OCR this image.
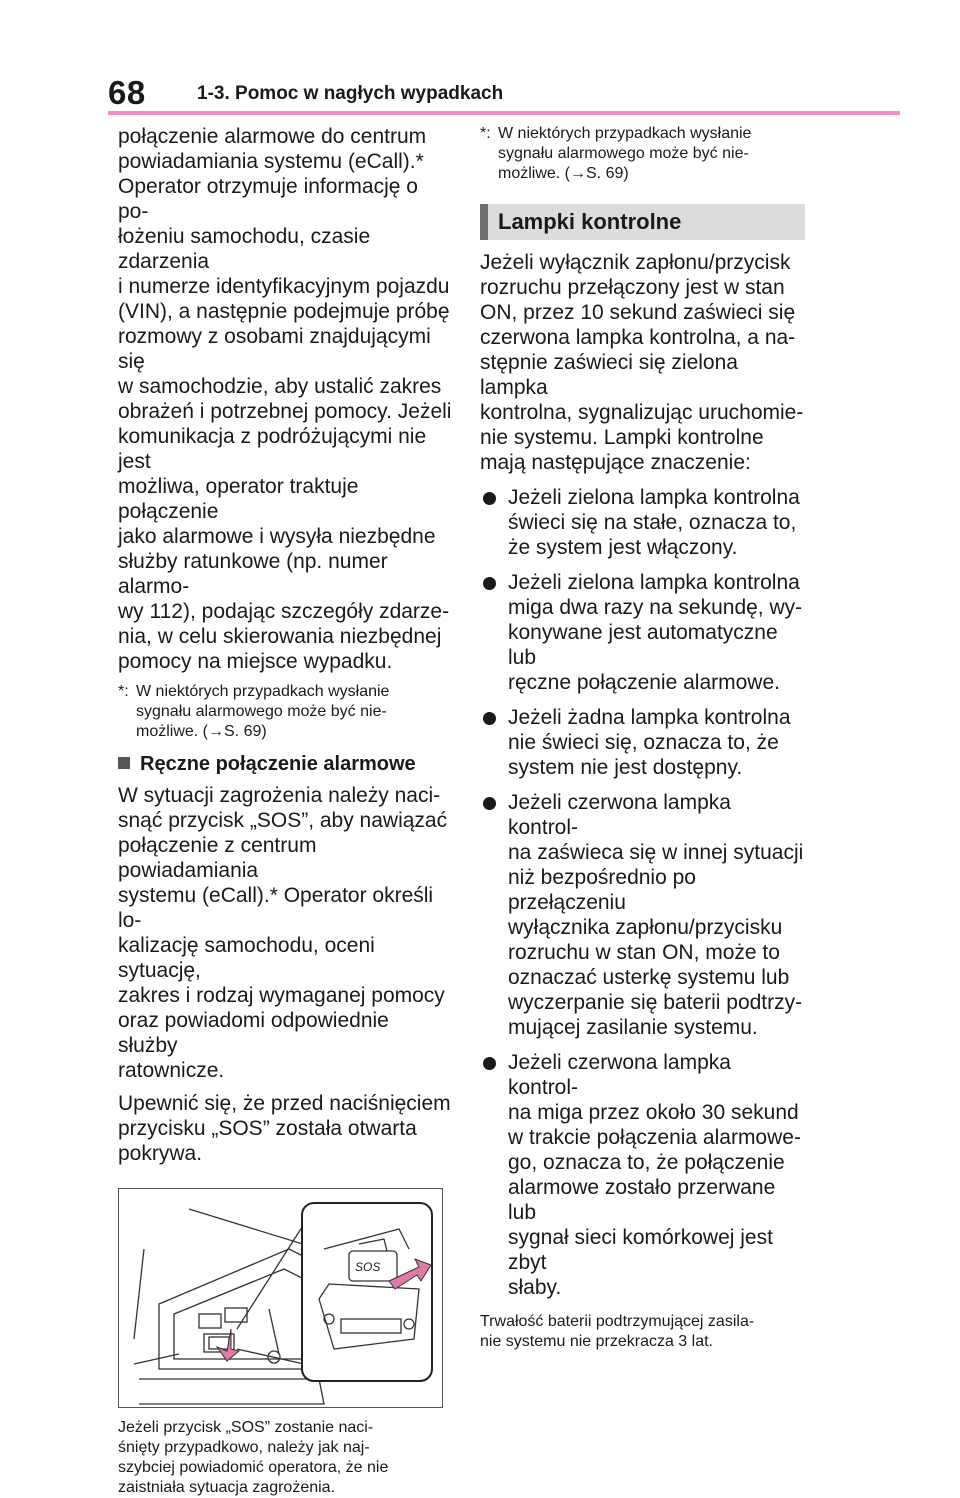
68	1-3. Pomoc w nagłych wypadkach

połączenie alarmowe do centrum
powiadamiania systemu (eCall).*
Operator otrzymuje informację o po-
łożeniu samochodu, czasie zdarzenia
i numerze identyfikacyjnym pojazdu
(VIN), a następnie podejmuje próbę
rozmowy z osobami znajdującymi się
w samochodzie, aby ustalić zakres
obrażeń i potrzebnej pomocy. Jeżeli
komunikacja z podróżującymi nie jest
możliwa, operator traktuje połączenie
jako alarmowe i wysyła niezbędne
służby ratunkowe (np. numer alarmo-
wy 112), podając szczegóły zdarze-
nia, w celu skierowania niezbędnej
pomocy na miejsce wypadku.

*: W niektórych przypadkach wysłanie
sygnału alarmowego może być nie-
możliwe. (→S. 69)

Ręczne połączenie alarmowe

W sytuacji zagrożenia należy naci-
snąć przycisk „SOS”, aby nawiązać
połączenie z centrum powiadamiania
systemu (eCall).* Operator określi lo-
kalizację samochodu, oceni sytuację,
zakres i rodzaj wymaganej pomocy
oraz powiadomi odpowiednie służby
ratownicze.

Upewnić się, że przed naciśnięciem
przycisku „SOS” została otwarta
pokrywa.

SOS

Jeżeli przycisk „SOS” zostanie naci-
śnięty przypadkowo, należy jak naj-
szybciej powiadomić operatora, że nie
zaistniała sytuacja zagrożenia.

*: W niektórych przypadkach wysłanie
sygnału alarmowego może być nie-
możliwe. (→S. 69)

Lampki kontrolne

Jeżeli wyłącznik zapłonu/przycisk
rozruchu przełączony jest w stan
ON, przez 10 sekund zaświeci się
czerwona lampka kontrolna, a na-
stępnie zaświeci się zielona lampka
kontrolna, sygnalizując uruchomie-
nie systemu. Lampki kontrolne
mają następujące znaczenie:

Jeżeli zielona lampka kontrolna
świeci się na stałe, oznacza to,
że system jest włączony.
Jeżeli zielona lampka kontrolna
miga dwa razy na sekundę, wy-
konywane jest automatyczne lub
ręczne połączenie alarmowe.
Jeżeli żadna lampka kontrolna
nie świeci się, oznacza to, że
system nie jest dostępny.
Jeżeli czerwona lampka kontrol-
na zaświeca się w innej sytuacji
niż bezpośrednio po przełączeniu
wyłącznika zapłonu/przycisku
rozruchu w stan ON, może to
oznaczać usterkę systemu lub
wyczerpanie się baterii podtrzy-
mującej zasilanie systemu.
Jeżeli czerwona lampka kontrol-
na miga przez około 30 sekund
w trakcie połączenia alarmowe-
go, oznacza to, że połączenie
alarmowe zostało przerwane lub
sygnał sieci komórkowej jest zbyt
słaby.

Trwałość baterii podtrzymującej zasila-
nie systemu nie przekracza 3 lat.
